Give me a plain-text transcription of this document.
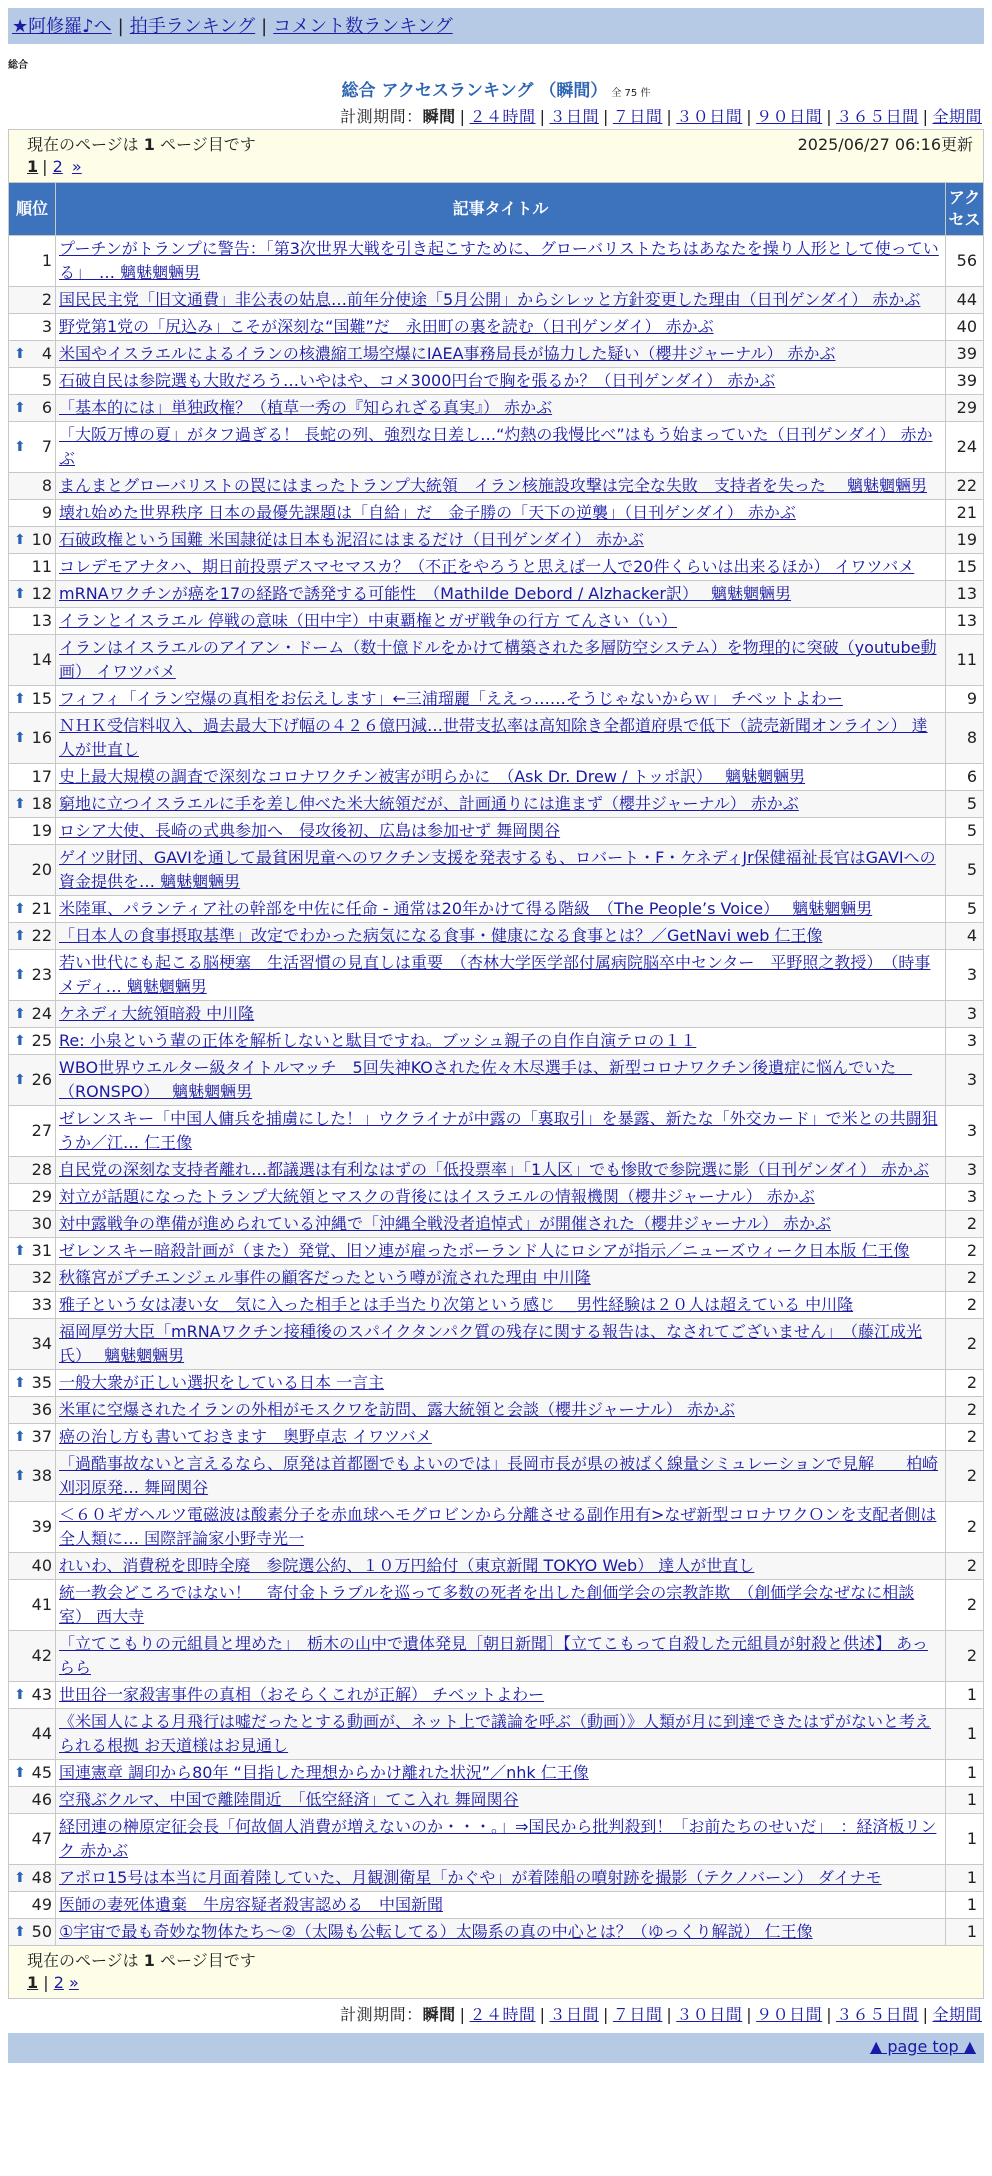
★阿修羅♪へ | 拍手ランキング | コメント数ランキング
総合
総合 アクセスランキング （瞬間） 全 75 件
計測期間：瞬間 | ２４時間 | ３日間 | ７日間 | ３０日間 | ９０日間 | ３６５日間 | 全期間
現在のページは 1 ページ目です	2025/06/27 06:16更新
1 | 2 »
順位	記事タイトル	アクセス
1	プーチンがトランプに警告：「第3次世界大戦を引き起こすために、グローバリストたちはあなたを操り人形として使っている」　… 魑魅魍魎男	56
2	国民民主党「旧文通費」非公表の姑息…前年分使途「5月公開」からシレッと方針変更した理由（日刊ゲンダイ） 赤かぶ	44
3	野党第1党の「尻込み」こそが深刻な“国難”だ　永田町の裏を読む（日刊ゲンダイ） 赤かぶ	40

⬆ 4	米国やイスラエルによるイランの核濃縮工場空爆にIAEA事務局長が協力した疑い（櫻井ジャーナル） 赤かぶ	39
5	石破自民は参院選も大敗だろう…いやはや、コメ3000円台で胸を張るか？（日刊ゲンダイ） 赤かぶ	39

⬆ 6	「基本的には」単独政権？（植草一秀の『知られざる真実』） 赤かぶ	29

⬆ 7	「大阪万博の夏」がタフ過ぎる！ 長蛇の列、強烈な日差し…“灼熱の我慢比べ”はもう始まっていた（日刊ゲンダイ） 赤かぶ	24
8	まんまとグローバリストの罠にはまったトランプ大統領　イラン核施設攻撃は完全な失敗　支持者を失った　 魑魅魍魎男	22
9	壊れ始めた世界秩序 日本の最優先課題は「自給」だ　金子勝の「天下の逆襲」（日刊ゲンダイ） 赤かぶ	21

⬆ 10	石破政権という国難 米国隷従は日本も泥沼にはまるだけ（日刊ゲンダイ） 赤かぶ	19
11	コレデモアナタハ、期日前投票デスマセマスカ？（不正をやろうと思えば一人で20件くらいは出来るほか） イワツバメ	15

⬆ 12	mRNAワクチンが癌を17の経路で誘発する可能性　（Mathilde Debord / Alzhacker訳）　 魑魅魍魎男	13
13	イランとイスラエル 停戦の意味（田中宇）中東覇権とガザ戦争の行方 てんさい（い）	13
14	イランはイスラエルのアイアン・ドーム（数十億ドルをかけて構築された多層防空システム）を物理的に突破（youtube動画） イワツバメ	11

⬆ 15	フィフィ「イラン空爆の真相をお伝えします」←三浦瑠麗「ええっ……そうじゃないからｗ」 チベットよわー	9

⬆ 16	ＮＨＫ受信料収入、過去最大下げ幅の４２６億円減…世帯支払率は高知除き全都道府県で低下（読売新聞オンライン） 達人が世直し	8
17	史上最大規模の調査で深刻なコロナワクチン被害が明らかに　（Ask Dr. Drew / トッポ訳）　 魑魅魍魎男	6

⬆ 18	窮地に立つイスラエルに手を差し伸べた米大統領だが、計画通りには進まず（櫻井ジャーナル） 赤かぶ	5
19	ロシア大使、長崎の式典参加へ　侵攻後初、広島は参加せず 舞岡関谷	5
20	ゲイツ財団、GAVIを通して最貧困児童へのワクチン支援を発表するも、ロバート・F・ケネディJr保健福祉長官はGAVIへの資金提供を… 魑魅魍魎男	5

⬆ 21	米陸軍、パランティア社の幹部を中佐に任命 - 通常は20年かけて得る階級　（The People’s Voice）　 魑魅魍魎男	5

⬆ 22	「日本人の食事摂取基準」改定でわかった病気になる食事・健康になる食事とは？／GetNavi web 仁王像	4

⬆ 23	若い世代にも起こる脳梗塞　生活習慣の見直しは重要　（杏林大学医学部付属病院脳卒中センター　平野照之教授）　（時事メディ… 魑魅魍魎男	3

⬆ 24	ケネディ大統領暗殺 中川隆	3

⬆ 25	Re: 小泉という輩の正体を解析しないと駄目ですね。ブッシュ親子の自作自演テロの１１	3

⬆ 26	WBO世界ウエルター級タイトルマッチ　5回失神KOされた佐々木尽選手は、新型コロナワクチン後遺症に悩んでいた　（RONSPO）　 魑魅魍魎男	3
27	ゼレンスキー「中国人傭兵を捕虜にした！」ウクライナが中露の「裏取引」を暴露、新たな「外交カード」で米との共闘狙うか／江… 仁王像	3
28	自民党の深刻な支持者離れ…都議選は有利なはずの「低投票率」「1人区」でも惨敗で参院選に影（日刊ゲンダイ） 赤かぶ	3
29	対立が話題になったトランプ大統領とマスクの背後にはイスラエルの情報機関（櫻井ジャーナル） 赤かぶ	3
30	対中露戦争の準備が進められている沖縄で「沖縄全戦没者追悼式」が開催された（櫻井ジャーナル） 赤かぶ	2

⬆ 31	ゼレンスキー暗殺計画が（また）発覚、旧ソ連が雇ったポーランド人にロシアが指示／ニューズウィーク日本版 仁王像	2
32	秋篠宮がプチエンジェル事件の顧客だったという噂が流された理由 中川隆	2
33	雅子という女は凄い女＿気に入った相手とは手当たり次第という感じ ＿男性経験は２０人は超えている 中川隆	2
34	福岡厚労大臣「mRNAワクチン接種後のスパイクタンパク質の残存に関する報告は、なされてございません」　（藤江成光氏）　 魑魅魍魎男	2

⬆ 35	一般大衆が正しい選択をしている日本 一言主	2
36	米軍に空爆されたイランの外相がモスクワを訪問、露大統領と会談（櫻井ジャーナル） 赤かぶ	2

⬆ 37	癌の治し方も書いておきます　奥野卓志 イワツバメ	2

⬆ 38	「過酷事故ないと言えるなら、原発は首都圏でもよいのでは」長岡市長が県の被ばく線量シミュレーションで見解　　柏崎刈羽原発… 舞岡関谷	2
39	＜６０ギガヘルツ電磁波は酸素分子を赤血球ヘモグロビンから分離させる副作用有>なぜ新型コロナワクＯンを支配者側は全人類に… 国際評論家小野寺光一	2
40	れいわ、消費税を即時全廃　参院選公約、１０万円給付（東京新聞 TOKYO Web） 達人が世直し	2
41	統一教会どころではない！　寄付金トラブルを巡って多数の死者を出した創価学会の宗教詐欺　（創価学会なぜなに相談室） 西大寺	2
42	「立てこもりの元組員と埋めた」　栃木の山中で遺体発見［朝日新聞］【立てこもって自殺した元組員が射殺と供述】 あっらら	2

⬆ 43	世田谷一家殺害事件の真相（おそらくこれが正解） チベットよわー	1
44	《米国人による月飛行は嘘だったとする動画が、ネット上で議論を呼ぶ（動画）》人類が月に到達できたはずがないと考えられる根拠 お天道様はお見通し	1

⬆ 45	国連憲章 調印から80年 “目指した理想からかけ離れた状況”／nhk 仁王像	1
46	空飛ぶクルマ、中国で離陸間近　「低空経済」てこ入れ 舞岡関谷	1
47	経団連の榊原定征会長「何故個人消費が増えないのか・・・。」⇒国民から批判殺到！「お前たちのせいだ」　：経済板リンク 赤かぶ	1

⬆ 48	アポロ15号は本当に月面着陸していた、月観測衛星「かぐや」が着陸船の噴射跡を撮影（テクノバーン） ダイナモ	1
49	医師の妻死体遺棄　牛房容疑者殺害認める　中国新聞	1

⬆ 50	①宇宙で最も奇妙な物体たち〜②（太陽も公転してる）太陽系の真の中心とは？（ゆっくり解説） 仁王像	1
現在のページは 1 ページ目です
1 | 2 »
計測期間：瞬間 | ２４時間 | ３日間 | ７日間 | ３０日間 | ９０日間 | ３６５日間 | 全期間
▲ page top ▲
